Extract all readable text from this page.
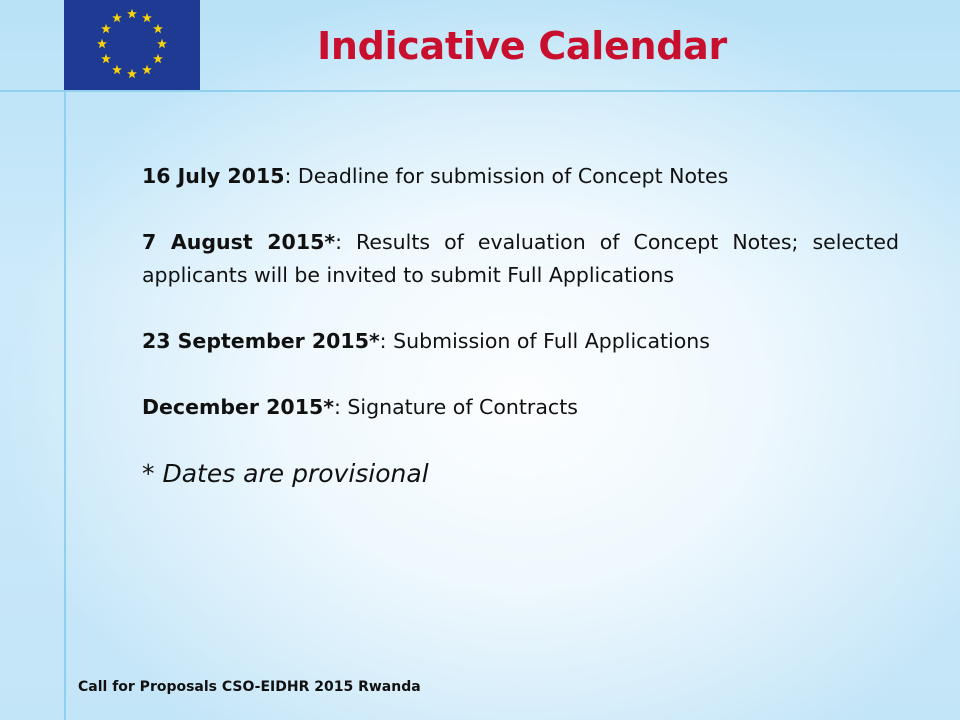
Indicative Calendar

16 July 2015: Deadline for submission of Concept Notes

7 August 2015*: Results of evaluation of Concept Notes; selected applicants will be invited to submit Full Applications

23 September 2015*: Submission of Full Applications

December 2015*: Signature of Contracts

* Dates are provisional

Call for Proposals CSO-EIDHR 2015 Rwanda
